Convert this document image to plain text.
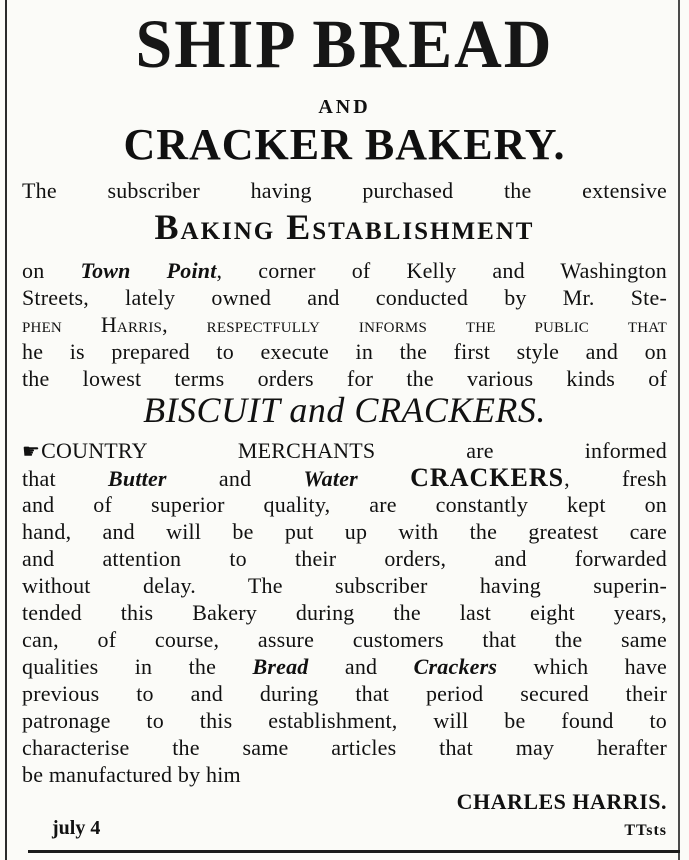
SHIP BREAD
AND
CRACKER BAKERY.
The subscriber having purchased the extensive
Baking Establishment
on Town Point, corner of Kelly and Washington
Streets, lately owned and conducted by Mr. Ste-
phen Harris, respectfully informs the public that
he is prepared to execute in the first style and on
the lowest terms orders for the various kinds of
BISCUIT and CRACKERS.
☛COUNTRY MERCHANTS are informed
that Butter and Water CRACKERS, fresh
and of superior quality, are constantly kept on
hand, and will be put up with the greatest care
and attention to their orders, and forwarded
without delay. The subscriber having superin-
tended this Bakery during the last eight years,
can, of course, assure customers that the same
qualities in the Bread and Crackers which have
previous to and during that period secured their
patronage to this establishment, will be found to
characterise the same articles that may herafter
be manufactured by him
CHARLES HARRIS.
july 4	TTsts
